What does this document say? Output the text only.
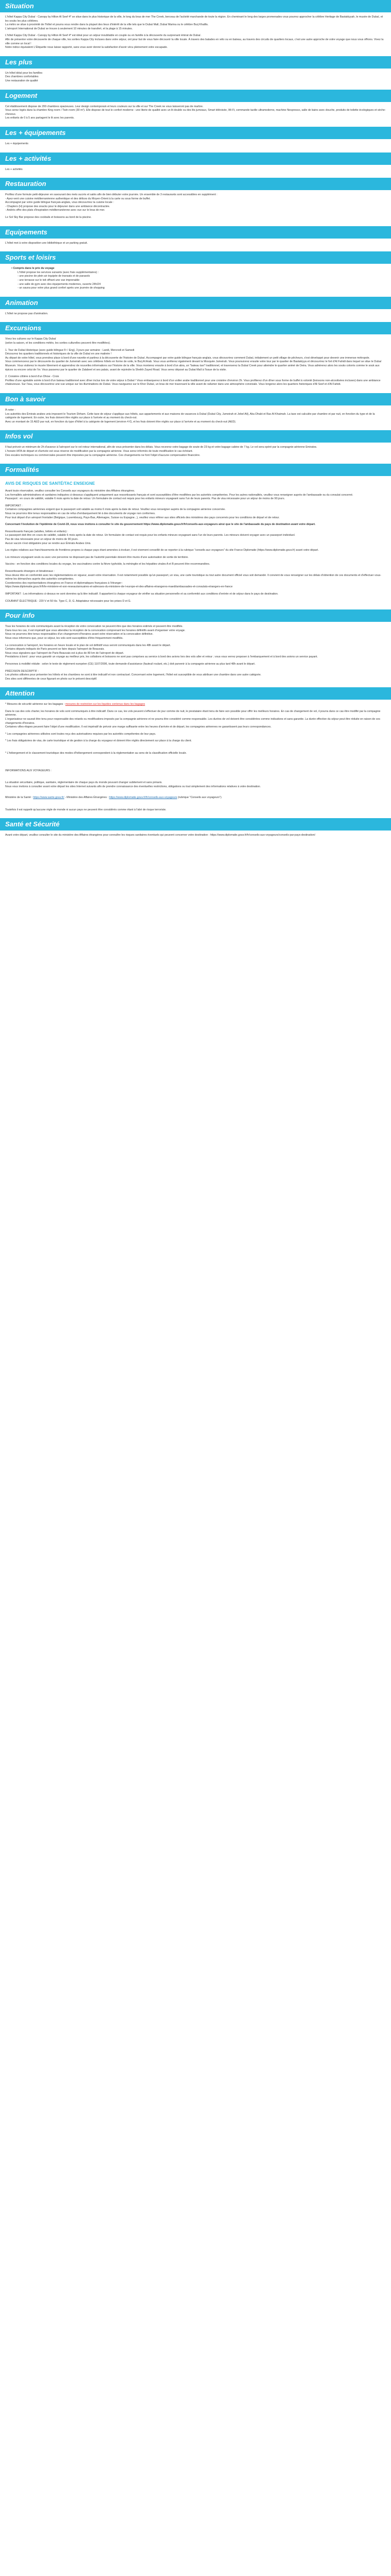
Situation

L'hôtel Kappa City Dubaï - Canopy by Hilton Al Seef 4* se situe dans le plus historique de la ville, le long du bras de mer The Creek, berceau de l'activité marchande de toute la région. En cheminant le long des larges promenades vous pourrez approcher la célèbre Heritage de Bastakiyyah, le musée de Dubaï, et les souks les plus célèbres.
La métro se situe à proximité de l'hôtel et pourra vous rendre dans la plupart des lieux d'intérêt de la ville tels que le Dubaï Mall, Dubaï Marina ou le célèbre Burj Khalifa.
L'aéroport International de Dubaï se trouve à seulement 10 minutes de transfert, et la plage à 15 minutes.

L'hôtel Kappa City Dubaï - Canopy by Hilton Al Seef 4* est idéal pour un séjour inoubliable en couple ou en famille à la découverte du surprenant émirat de Dubaï.
Afin de présenter votre découverte de chaque ville, les sorties Kappa City incluses dans votre séjour, ont pour but de vous faire découvrir la ville locale. À travers des balades en vélo ou en bateau, au travers des circuits de quartiers locaux, c'est une autre approche de votre voyage que nous vous offrons. Vivez la ville comme un local !
Notre indice équivalent L'Étiquette nous laisse rapporté, sans vous avoir donné la satisfaction d'avoir vécu pleinement votre escapade.

Les plus

Un hôtel idéal pour les familles
Des chambres confortables
Une restauration de qualité

Logement

Cet établissement dispose de 200 chambres spacieuses. Leur design contemporain et leurs couleurs sur la ville et sur The Creek ne vous laisseront pas de marbre.
Vous serez logés dans la chambre King room / Twin room (30 m²). Elle dispose de tout le confort moderne : une literie de qualité avec un lit double ou des lits jumeaux, Smart télévisée, Wi-Fi, commande tactile ultramoderne, machine Nespresso, salle de bains avec douche, produits de toilette écologiques et sèche-cheveux.
Les enfants de 0 à 5 ans partagent le lit avec les parents.

Les + équipements

Les + équipements

Les + activités

Les + activités

Restauration

Profitez d'une formule petit-déjeuner en savourant des mets sucrés et salés afin de bien débuter votre journée. Un ensemble de 3 restaurants sont accessibles en supplément :
- Ayez-vent une cuisine méditerranéenne authentique et des délices du Moyen-Orient à la carte ou sous forme de buffet.
Accompagné par votre guide bilingue français-anglais, vous découvrirez la cuisine locale :
- Chapters (H) propose des snacks pour le déjeuner dans une ambiance décontractée.
- Andrés offre des plats d'inspiration méditerranéenne avec vue sur le bras de mer.

Le Sol Sky Bar propose des cocktails et boissons au bord de la piscine.

Equipements

L'hôtel met à votre disposition une bibliothèque et un parking gratuit.

Sports et loisirs
• Compris dans le prix du voyage
L'hôtel propose les services suivants (avec frais supplémentaires) :
- une piscine de plein air équipée de transats et de parasols
- une terrasse sur le toit offrant une vue imprenable
- une salle de gym avec des équipements modernes, ouverte 24h/24
- un sauna pour votre plus grand confort après une journée de shopping
Animation

L'hôtel ne propose pas d'animation.

Excursions

Vivez les cultures sur le Kappa City Dubaï
(selon la saison, et les conditions météo, les sorties culturelles peuvent être modifiées).

1. Tour de Dubai Historique (avec guide bilingue Fr / Eng), 3 jours par semaine : Landi, Mercredi et Samedi
Découvrez les quartiers traditionnels et historiques de la ville de Dubaï en une matinée !
Au départ de votre hôtel, vous prendrez place à bord d'une navette et partirez à la découverte de l'histoire de Dubaï. Accompagné par votre guide bilingue français-anglais, vous découvrirez comment Dubaï, initialement un petit village de pêcheurs, s'est développé pour devenir une immense métropole.
Vous commencerez par le découverte du quartier de Jumeirah avec ses célèbres hôtels en forme de voile, le Burj Al Arab. Vous vous arrêterez également devant la Mosquée Jumeirah. Vous poursuivrez ensuite votre tour par le quartier de Bastakiyya et découvrirez le fort d'Al Fahidi dans lequel se situe le Dubaï Museum. Vous visiterez le musée librement et apprendrez de nouvelles informations sur l'histoire de la ville. Vous monterez ensuite à bord d'un abra, un "bateau taxi" traditionnel, et traverserez la Dubaï Creek pour atteindre le quartier animé de Deira. Vous admirerez alors les souks colorés comme le souk aux épices ou encore celui de l'or. Vous passerez par le quartier de Zalabeel et ses palais, avant de rejoindre la Sheikh Zayed Road. Vous serez déposé au Dubai Mall à l'issue de la visite.

2. Croisière côtière à bord d'un Dhow - Croix
Profitez d'une agréable soirée à bord d'un bateau traditionnel avec dîner inclus lors de votre séjour à Dubaï ! Vous embarquerez à bord d'un voilier arabe traditionnel pour une croisière d'environ 2h. Vous profiterez d'un dîner sous forme de buffet à volonté (boissons non-alcoolisées incluses) dans une ambiance chaleureuse. Sur l'eau, vous découvrirez une vue unique sur les illuminations de Dubaï. Vous naviguerez sur le Khor Dubaï, un bras de mer traversant la ville avant de rallumer dans une atmosphère conviviale. Vous longerez alors les quartiers historiques d'Al Seef et d'Al Fahidi.

Bon à savoir

À noter :
Les autorités des Émirats arabes unis imposent le Tourism Dirham. Cette taxe de séjour s'applique aux hôtels, aux appartements et aux maisons de vacances à Dubaï (Dubaï City, Jumeirah et Jebel Ali), Abu Dhabi et Ras Al Khaimah. La taxe est calculée par chambre et par nuit, en fonction du type et de la catégorie de logement. En outre, les frais doivent être réglés sur place à l'arrivée et au moment du check-out.
Avec un montant de 15 AED par nuit, en fonction du type d'hôtel à la catégorie de logement (environ 4 €), et les frais doivent être réglés sur place à l'arrivée et au moment du check-out (AED).

Infos vol

Il faut prévoir un minimum de 2h d'avance à l'aéroport sur le vol retour international, afin de vous présenter dans les délais. Vous recevrez votre bagage de soute de 23 kg et votre bagage cabine de 7 kg. Le vol sera opéré par la compagnie aérienne Emirates.
L'horaire IATA de départ et d'arrivée est sous réserve de modification par la compagnie aérienne. Vous serez informés de toute modification le cas échéant.
Des escales techniques ou commerciales peuvent être imposées par la compagnie aérienne. Ces changements ne font l'objet d'aucune compensation financière.

Formalités
AVIS DE RISQUES DE SANTÉ/TAC ENSEIGNE

Avant toute réservation, veuillez consulter les Conseils aux voyageurs du ministère des Affaires étrangères.
Les formalités administratives et sanitaires indiquées ci-dessous s'appliquent uniquement aux ressortissants français et sont susceptibles d'être modifiées par les autorités compétentes. Pour les autres nationalités, veuillez vous renseigner auprès de l'ambassade ou du consulat concerné.
Passeport : en cours de validité, valable 6 mois après la date de retour. Un formulaire de contact est requis pour les enfants mineurs voyageant sans l'un de leurs parents. Pas de visa nécessaire pour un séjour de moins de 90 jours.

IMPORTANT :
Certaines compagnies aériennes exigent que le passeport soit valable au moins 6 mois après la date de retour. Veuillez vous renseigner auprès de la compagnie aérienne concernée.
Nous ne pourrons être tenus responsables en cas de refus d'embarquement lié à des documents de voyage non conformes.
Pour tout départ d'un aéroport frontalier (Belgique, Luxembourg, Pays-Bas, Allemagne, Suisse ou Espagne...), veuillez vous référer aux sites officiels des ministères des pays concernés pour les conditions de départ et de retour.

Concernant l'évolution de l'épidémie de Covid-19, nous vous invitons à consulter le site du gouvernement https://www.diplomatie.gouv.fr/fr/conseils-aux-voyageurs ainsi que le site de l'ambassade du pays de destination avant votre départ.

Ressortissants français (adultes, bébés et enfants) :
Le passeport doit être en cours de validité, valable 6 mois après la date de retour. Un formulaire de contact est requis pour les enfants mineurs voyageant sans l'un de leurs parents. Les mineurs doivent voyager avec un passeport individuel.
Pas de visa nécessaire pour un séjour de moins de 90 jours.
Aucun vaccin n'est obligatoire pour se rendre aux Émirats Arabes Unis.

Les règles relatives aux franchissements de frontières propres à chaque pays étant amenées à évoluer, il est vivement conseillé de se reporter à la rubrique "conseils aux voyageurs" du site France Diplomatie (https://www.diplomatie.gouv.fr) avant votre départ.

Les mineurs voyageant seuls ou avec une personne ne disposant pas de l'autorité parentale doivent être munis d'une autorisation de sortie de territoire.

Vaccins : en fonction des conditions locales du voyage, les vaccinations contre la fièvre typhoïde, la méningite et les hépatites virales A et B peuvent être recommandées.

Ressortissants étrangers et binationaux :
Vous devez être en conformité avec les réglementations en vigueur, avant votre réservation. Il est notamment possible qu'un passeport, un visa, une carte touristique ou tout autre document officiel vous soit demandé. Il convient de vous renseigner sur les délais d'obtention de ces documents et d'effectuer vous-même les démarches auprès des autorités compétentes.
Coordonnées des représentations étrangères en France et diplomatiques françaises à l'étranger :
https://www.diplomatie.gouv.fr/fr/le-ministere-et-son-reseau/annuaires-et-adresses-du-ministere-de-l-europe-et-des-affaires-etrangeres-maedi/ambassades-et-consulats-etrangers-en-france

IMPORTANT : Les informations ci-dessus ne sont données qu'à titre indicatif. Il appartient à chaque voyageur de vérifier sa situation personnelle et sa conformité aux conditions d'entrée et de séjour dans le pays de destination.

COURANT ÉLECTRIQUE : 220 V et 50 Hz. Type C, D, G. Adaptateur nécessaire pour les prises D et G.

Pour info

Tous les horaires de vols communiqués avant la réception de votre convocation ne peuvent être que des horaires estimés et peuvent être modifiés.
Dans tous les cas, il est impératif que vous attendiez la réception de la convocation comprenant les horaires définitifs avant d'organiser votre voyage.
Nous ne pourrons être tenus responsables d'un changement d'horaires avant votre réservation et la convocation définitive.
Nous vous informons que, pour ce séjour, les vols sont susceptibles d'être fréquemment modifiés.

La convocation à l'aéroport, les horaires en heure locale et le plan de vol définitif vous seront communiqués dans les 48h avant le départ.
Certains départs indiqués de Paris peuvent se faire depuis l'aéroport de Beauvais.
Nous vous signalons que l'aéroport de Paris Beauvais est à plus de 80 km de l'aéroport de départ.
Prestations à bord : pour vous garantir un voyage au meilleur prix, les collations et boissons ne sont pas comprises au service à bord des avions lors des vols aller et retour ; vous vous verrez proposer à l'embarquement et à bord des avions un service payant.

Personnes à mobilité réduite : selon le texte de règlement européen (CE) 1107/2006, toute demande d'assistance (fauteuil roulant, etc.) doit parvenir à la compagnie aérienne au plus tard 48h avant le départ.

PRÉCISION DESCRIPTIF :
Les photos utilisées pour présenter les hôtels et les chambres ne sont à titre indicatif et non contractuel. Concernant votre logement, l'hôtel est susceptible de vous attribuer une chambre dans une autre catégorie.
Des sites sont différentes de ceux figurant en photo sur le présent descriptif.

Attention

* Mesures de sécurité aérienne sur les bagages : mesures de restriction sur les liquides contenus dans les bagages

Dans le cas des vols charter, les horaires de vols sont communiqués à titre indicatif. Dans ce cas, les vols peuvent s'effectuer de jour comme de nuit, le prestataire étant tenu de faire son possible pour offrir les meilleurs horaires. En cas de changement de vol, il pourra dans ce cas être modifié par la compagnie aérienne.
L'organisateur ne saurait être tenu pour responsable des retards ou modifications imposés par la compagnie aérienne et ne pourra être considéré comme responsable. Les durées de vol doivent être considérées comme indicatives et sans garantie. La durée effective du séjour peut être réduite en raison de ces changements d'horaires.
Certaines villes-étapes peuvent faire l'objet d'une modification. Il est impératif de prévoir une marge suffisante entre les heures d'arrivée et de départ, les compagnies aériennes ne garantissent pas leurs correspondances.

* Les compagnies aériennes utilisées sont toutes reçu des autorisations requises par les autorités compétentes de leur pays.

* Les frais obligatoires de visa, de carte touristique et de gestion à la charge du voyageur et doivent être réglés directement sur place à la charge du client.

* L'hébergement et le classement touristique des modes d'hébergement correspondent à la réglementation au sens de la classification officielle locale.

INFORMATIONS AUX VOYAGEURS :

La situation sécuritaire, politique, sanitaire, réglementaire de chaque pays du monde pouvant changer subitement et sans préavis.
Nous vous invitons à consulter avant votre départ les sites Internet suivants afin de prendre connaissance des éventuelles restrictions, obligations ou tout simplement des informations relatives à votre destination.

Ministère de la Santé : https://www.sante.gouv.fr/ - Ministère des Affaires Étrangères : https://www.diplomatie.gouv.fr/fr/conseils-aux-voyageurs (rubrique "Conseils aux voyageurs").

Toutefois il est rappelé qu'aucune règle de monde ni aucun pays ne peuvent être considérés comme étant à l'abri de risque terroriste.

Santé et Sécurité

Avant votre départ, veuillez consulter le site du ministère des Affaires étrangères pour connaître les risques sanitaires éventuels qui peuvent concerner votre destination : https://www.diplomatie.gouv.fr/fr/conseils-aux-voyageurs/conseils-par-pays-destination/
